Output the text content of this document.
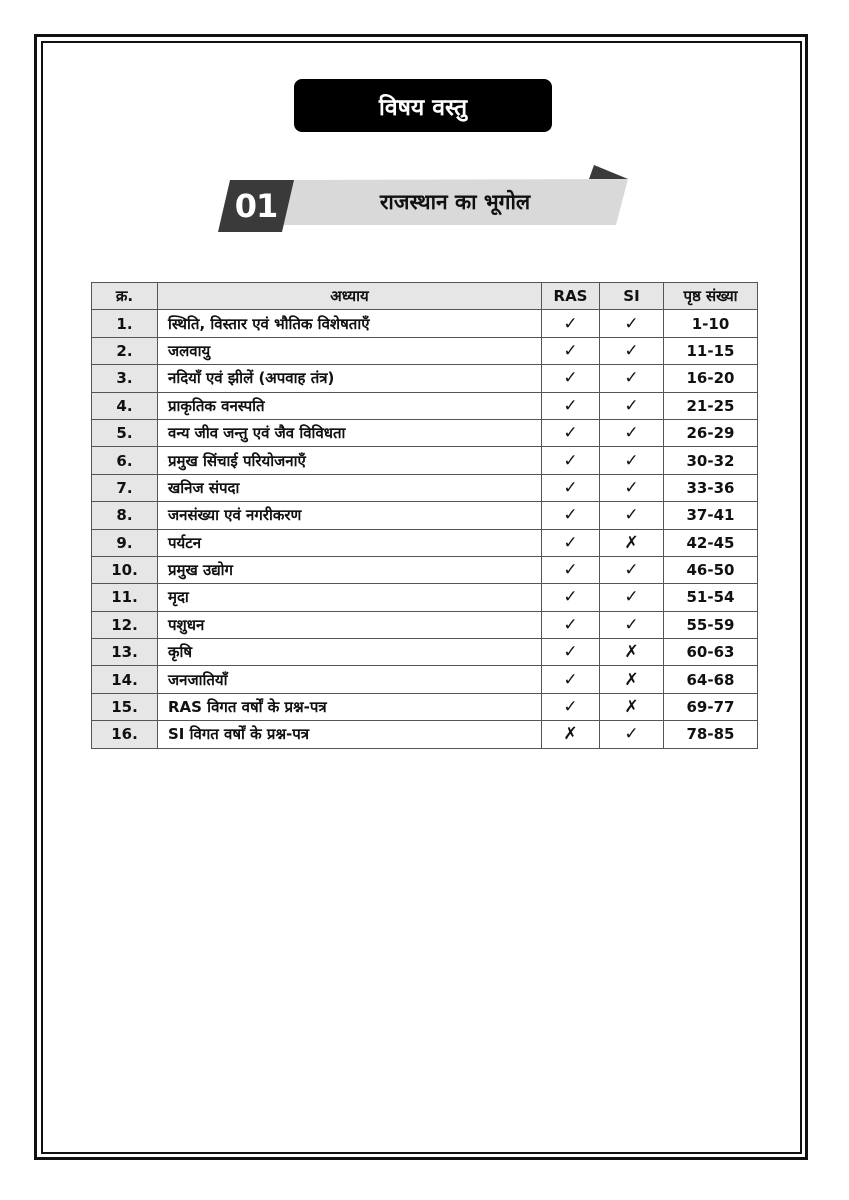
विषय वस्तु
01	राजस्थान का भूगोल
क्र.	अध्याय	RAS	SI	पृष्ठ संख्या
1.	स्थिति, विस्तार एवं भौतिक विशेषताएँ	✓	✓	1-10
2.	जलवायु	✓	✓	11-15
3.	नदियाँ एवं झीलें (अपवाह तंत्र)	✓	✓	16-20
4.	प्राकृतिक वनस्पति	✓	✓	21-25
5.	वन्य जीव जन्तु एवं जैव विविधता	✓	✓	26-29
6.	प्रमुख सिंचाई परियोजनाएँ	✓	✓	30-32
7.	खनिज संपदा	✓	✓	33-36
8.	जनसंख्या एवं नगरीकरण	✓	✓	37-41
9.	पर्यटन	✓	✗	42-45
10.	प्रमुख उद्योग	✓	✓	46-50
11.	मृदा	✓	✓	51-54
12.	पशुधन	✓	✓	55-59
13.	कृषि	✓	✗	60-63
14.	जनजातियाँ	✓	✗	64-68
15.	RAS विगत वर्षों के प्रश्न-पत्र	✓	✗	69-77
16.	SI विगत वर्षों के प्रश्न-पत्र	✗	✓	78-85
